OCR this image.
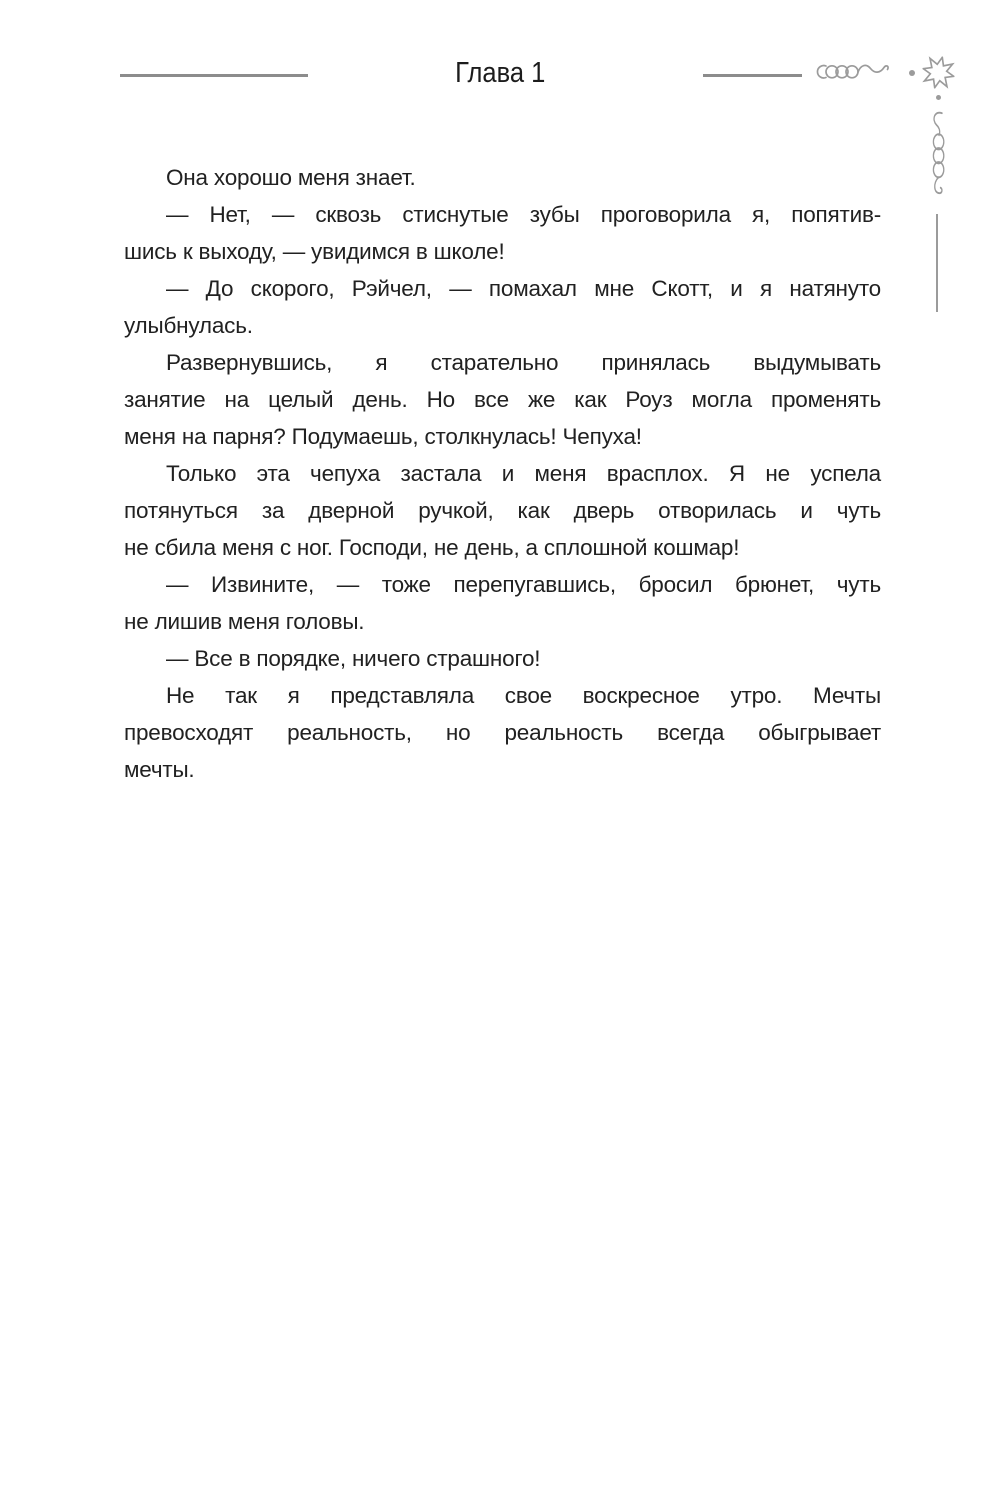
Глава 1
Она хорошо меня знает.
— Нет, — сквозь стиснутые зубы проговорила я, попятив-
шись к выходу, — увидимся в школе!
— До скорого, Рэйчел, — помахал мне Скотт, и я натянуто
улыбнулась.
Развернувшись, я старательно принялась выдумывать
занятие на целый день. Но все же как Роуз могла променять
меня на парня? Подумаешь, столкнулась! Чепуха!
Только эта чепуха застала и меня врасплох. Я не успела
потянуться за дверной ручкой, как дверь отворилась и чуть
не сбила меня с ног. Господи, не день, а сплошной кошмар!
— Извините, — тоже перепугавшись, бросил брюнет, чуть
не лишив меня головы.
— Все в порядке, ничего страшного!
Не так я представляла свое воскресное утро. Мечты
превосходят реальность, но реальность всегда обыгрывает
мечты.
